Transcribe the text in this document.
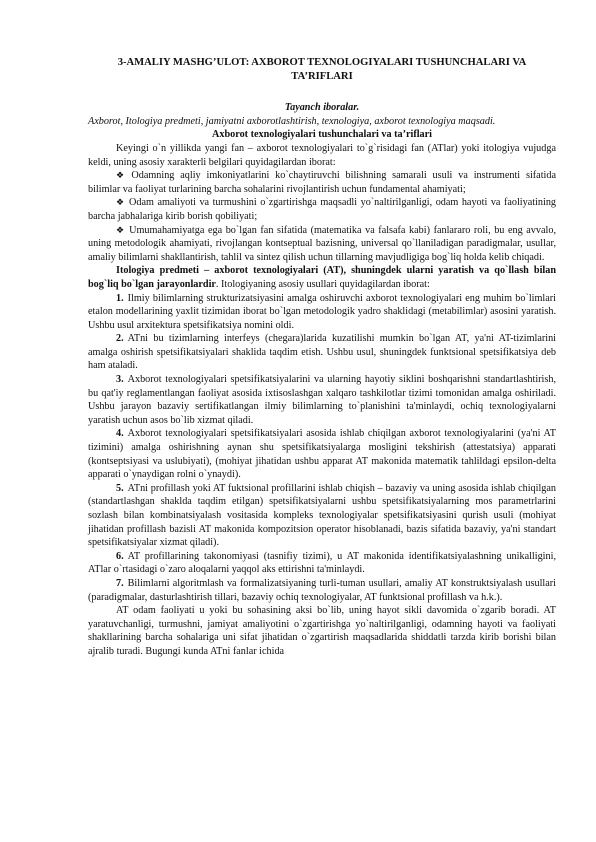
3-AMALIY MASHG’ULOT: AXBOROT TEXNOLOGIYALARI TUSHUNCHALARI VA TA’RIFLARI
Tayanch iboralar.
Axborot, Itologiya predmeti, jamiyatni axborotlashtirish, texnologiya, axborot texnologiya maqsadi.
Axborot texnologiyalari tushunchalari va ta’riflari

Keyingi o`n yillikda yangi fan – axborot texnologiyalari to`g`risidagi fan (ATlar) yoki itologiya vujudga keldi, uning asosiy xarakterli belgilari quyidagilardan iborat:

❖ Odamning aqliy imkoniyatlarini ko`chaytiruvchi bilishning samarali usuli va instrumenti sifatida bilimlar va faoliyat turlarining barcha sohalarini rivojlantirish uchun fundamental ahamiyati;

❖ Odam amaliyoti va turmushini o`zgartirishga maqsadli yo`naltirilganligi, odam hayoti va faoliyatining barcha jabhalariga kirib borish qobiliyati;

❖ Umumahamiyatga ega bo`lgan fan sifatida (matematika va falsafa kabi) fanlararo roli, bu eng avvalo, uning metodologik ahamiyati, rivojlangan kontseptual bazisning, universal qo`llaniladigan paradigmalar, usullar, amaliy bilimlarni shakllantirish, tahlil va sintez qilish uchun tillarning mavjudligiga bog`liq holda kelib chiqadi.

Itologiya predmeti – axborot texnologiyalari (AT), shuningdek ularni yaratish va qo`llash bilan bog`liq bo`lgan jarayonlardir. Itologiyaning asosiy usullari quyidagilardan iborat:

1. Ilmiy bilimlarning strukturizatsiyasini amalga oshiruvchi axborot texnologiyalari eng muhim bo`limlari etalon modellarining yaxlit tizimidan iborat bo`lgan metodologik yadro shaklidagi (metabilimlar) asosini yaratish. Ushbu usul arxitektura spetsifikatsiya nomini oldi.

2. ATni bu tizimlarning interfeys (chegara)larida kuzatilishi mumkin bo`lgan AT, ya'ni AT-tizimlarini amalga oshirish spetsifikatsiyalari shaklida taqdim etish. Ushbu usul, shuningdek funktsional spetsifikatsiya deb ham ataladi.

3. Axborot texnologiyalari spetsifikatsiyalarini va ularning hayotiy siklini boshqarishni standartlashtirish, bu qat'iy reglamentlangan faoliyat asosida ixtisoslashgan xalqaro tashkilotlar tizimi tomonidan amalga oshiriladi. Ushbu jarayon bazaviy sertifikatlangan ilmiy bilimlarning to`planishini ta'minlaydi, ochiq texnologiyalarni yaratish uchun asos bo`lib xizmat qiladi.

4. Axborot texnologiyalari spetsifikatsiyalari asosida ishlab chiqilgan axborot texnologiyalarini (ya'ni AT tizimini) amalga oshirishning aynan shu spetsifikatsiyalarga mosligini tekshirish (attestatsiya) apparati (kontseptsiyasi va uslubiyati), (mohiyat jihatidan ushbu apparat AT makonida matematik tahlildagi epsilon-delta apparati o`ynaydigan rolni o`ynaydi).

5. ATni profillash yoki AT fuktsional profillarini ishlab chiqish – bazaviy va uning asosida ishlab chiqilgan (standartlashgan shaklda taqdim etilgan) spetsifikatsiyalarni ushbu spetsifikatsiyalarning mos parametrlarini sozlash bilan kombinatsiyalash vositasida kompleks texnologiyalar spetsifikatsiyasini qurish usuli (mohiyat jihatidan profillash bazisli AT makonida kompozitsion operator hisoblanadi, bazis sifatida bazaviy, ya'ni standart spetsifikatsiyalar xizmat qiladi).

6. AT profillarining takonomiyasi (tasnifiy tizimi), u AT makonida identifikatsiyalashning unikalligini, ATlar o`rtasidagi o`zaro aloqalarni yaqqol aks ettirishni ta'minlaydi.

7. Bilimlarni algoritmlash va formalizatsiyaning turli-tuman usullari, amaliy AT konstruktsiyalash usullari (paradigmalar, dasturlashtirish tillari, bazaviy ochiq texnologiyalar, AT funktsional profillash va h.k.).

AT odam faoliyati u yoki bu sohasining aksi bo`lib, uning hayot sikli davomida o`zgarib boradi. AT yaratuvchanligi, turmushni, jamiyat amaliyotini o`zgartirishga yo`naltirilganligi, odamning hayoti va faoliyati shakllarining barcha sohalariga uni sifat jihatidan o`zgartirish maqsadlarida shiddatli tarzda kirib borishi bilan ajralib turadi. Bugungi kunda ATni fanlar ichida
